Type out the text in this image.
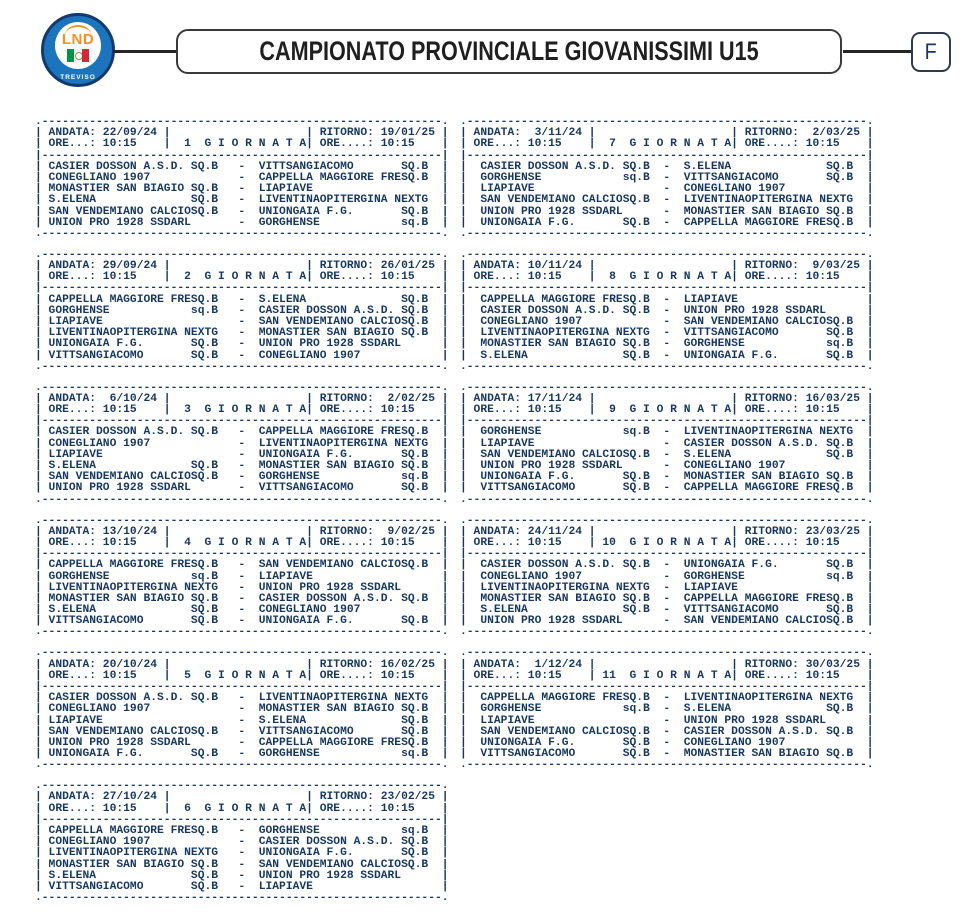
LND
TREVISO
CAMPIONATO PROVINCIALE GIOVANISSIMI U15	F
.-----------------------------------------------------------.
| ANDATA: 22/09/24 |                    | RITORNO: 19/01/25 |
| ORE...: 10:15    |  1  G I O R N A T A| ORE....: 10:15    |
|-----------------------------------------------------------|
| CASIER DOSSON A.S.D. SQ.B   -  VITTSANGIACOMO       SQ.B  |
| CONEGLIANO 1907             -  CAPPELLA MAGGIORE FRESQ.B  |
| MONASTIER SAN BIAGIO SQ.B   -  LIAPIAVE                   |
| S.ELENA              SQ.B   -  LIVENTINAOPITERGINA NEXTG  |
| SAN VENDEMIANO CALCIOSQ.B   -  UNIONGAIA F.G.       SQ.B  |
| UNION PRO 1928 SSDARL       -  GORGHENSE            sq.B  |
.-----------------------------------------------------------.
.-----------------------------------------------------------.
| ANDATA: 29/09/24 |                    | RITORNO: 26/01/25 |
| ORE...: 10:15    |  2  G I O R N A T A| ORE....: 10:15    |
|-----------------------------------------------------------|
| CAPPELLA MAGGIORE FRESQ.B   -  S.ELENA              SQ.B  |
| GORGHENSE            sq.B   -  CASIER DOSSON A.S.D. SQ.B  |
| LIAPIAVE                    -  SAN VENDEMIANO CALCIOSQ.B  |
| LIVENTINAOPITERGINA NEXTG   -  MONASTIER SAN BIAGIO SQ.B  |
| UNIONGAIA F.G.       SQ.B   -  UNION PRO 1928 SSDARL      |
| VITTSANGIACOMO       SQ.B   -  CONEGLIANO 1907            |
.-----------------------------------------------------------.
.-----------------------------------------------------------.
| ANDATA:  6/10/24 |                    | RITORNO:  2/02/25 |
| ORE...: 10:15    |  3  G I O R N A T A| ORE....: 10:15    |
|-----------------------------------------------------------|
| CASIER DOSSON A.S.D. SQ.B   -  CAPPELLA MAGGIORE FRESQ.B  |
| CONEGLIANO 1907             -  LIVENTINAOPITERGINA NEXTG  |
| LIAPIAVE                    -  UNIONGAIA F.G.       SQ.B  |
| S.ELENA              SQ.B   -  MONASTIER SAN BIAGIO SQ.B  |
| SAN VENDEMIANO CALCIOSQ.B   -  GORGHENSE            sq.B  |
| UNION PRO 1928 SSDARL       -  VITTSANGIACOMO       SQ.B  |
.-----------------------------------------------------------.
.-----------------------------------------------------------.
| ANDATA: 13/10/24 |                    | RITORNO:  9/02/25 |
| ORE...: 10:15    |  4  G I O R N A T A| ORE....: 10:15    |
|-----------------------------------------------------------|
| CAPPELLA MAGGIORE FRESQ.B   -  SAN VENDEMIANO CALCIOSQ.B  |
| GORGHENSE            sq.B   -  LIAPIAVE                   |
| LIVENTINAOPITERGINA NEXTG   -  UNION PRO 1928 SSDARL      |
| MONASTIER SAN BIAGIO SQ.B   -  CASIER DOSSON A.S.D. SQ.B  |
| S.ELENA              SQ.B   -  CONEGLIANO 1907            |
| VITTSANGIACOMO       SQ.B   -  UNIONGAIA F.G.       SQ.B  |
.-----------------------------------------------------------.
.-----------------------------------------------------------.
| ANDATA: 20/10/24 |                    | RITORNO: 16/02/25 |
| ORE...: 10:15    |  5  G I O R N A T A| ORE....: 10:15    |
|-----------------------------------------------------------|
| CASIER DOSSON A.S.D. SQ.B   -  LIVENTINAOPITERGINA NEXTG  |
| CONEGLIANO 1907             -  MONASTIER SAN BIAGIO SQ.B  |
| LIAPIAVE                    -  S.ELENA              SQ.B  |
| SAN VENDEMIANO CALCIOSQ.B   -  VITTSANGIACOMO       SQ.B  |
| UNION PRO 1928 SSDARL       -  CAPPELLA MAGGIORE FRESQ.B  |
| UNIONGAIA F.G.       SQ.B   -  GORGHENSE            sq.B  |
.-----------------------------------------------------------.
.-----------------------------------------------------------.
| ANDATA: 27/10/24 |                    | RITORNO: 23/02/25 |
| ORE...: 10:15    |  6  G I O R N A T A| ORE....: 10:15    |
|-----------------------------------------------------------|
| CAPPELLA MAGGIORE FRESQ.B   -  GORGHENSE            sq.B  |
| CONEGLIANO 1907             -  CASIER DOSSON A.S.D. SQ.B  |
| LIVENTINAOPITERGINA NEXTG   -  UNIONGAIA F.G.       SQ.B  |
| MONASTIER SAN BIAGIO SQ.B   -  SAN VENDEMIANO CALCIOSQ.B  |
| S.ELENA              SQ.B   -  UNION PRO 1928 SSDARL      |
| VITTSANGIACOMO       SQ.B   -  LIAPIAVE                   |
.-----------------------------------------------------------.
.-----------------------------------------------------------.
| ANDATA:  3/11/24 |                    | RITORNO:  2/03/25 |
| ORE...: 10:15    |  7  G I O R N A T A| ORE....: 10:15    |
|-----------------------------------------------------------|
|  CASIER DOSSON A.S.D. SQ.B  -  S.ELENA              SQ.B  |
|  GORGHENSE            sq.B  -  VITTSANGIACOMO       SQ.B  |
|  LIAPIAVE                   -  CONEGLIANO 1907            |
|  SAN VENDEMIANO CALCIOSQ.B  -  LIVENTINAOPITERGINA NEXTG  |
|  UNION PRO 1928 SSDARL      -  MONASTIER SAN BIAGIO SQ.B  |
|  UNIONGAIA F.G.       SQ.B  -  CAPPELLA MAGGIORE FRESQ.B  |
.-----------------------------------------------------------.
.-----------------------------------------------------------.
| ANDATA: 10/11/24 |                    | RITORNO:  9/03/25 |
| ORE...: 10:15    |  8  G I O R N A T A| ORE....: 10:15    |
|-----------------------------------------------------------|
|  CAPPELLA MAGGIORE FRESQ.B  -  LIAPIAVE                   |
|  CASIER DOSSON A.S.D. SQ.B  -  UNION PRO 1928 SSDARL      |
|  CONEGLIANO 1907            -  SAN VENDEMIANO CALCIOSQ.B  |
|  LIVENTINAOPITERGINA NEXTG  -  VITTSANGIACOMO       SQ.B  |
|  MONASTIER SAN BIAGIO SQ.B  -  GORGHENSE            sq.B  |
|  S.ELENA              SQ.B  -  UNIONGAIA F.G.       SQ.B  |
.-----------------------------------------------------------.
.-----------------------------------------------------------.
| ANDATA: 17/11/24 |                    | RITORNO: 16/03/25 |
| ORE...: 10:15    |  9  G I O R N A T A| ORE....: 10:15    |
|-----------------------------------------------------------|
|  GORGHENSE            sq.B  -  LIVENTINAOPITERGINA NEXTG  |
|  LIAPIAVE                   -  CASIER DOSSON A.S.D. SQ.B  |
|  SAN VENDEMIANO CALCIOSQ.B  -  S.ELENA              SQ.B  |
|  UNION PRO 1928 SSDARL      -  CONEGLIANO 1907            |
|  UNIONGAIA F.G.       SQ.B  -  MONASTIER SAN BIAGIO SQ.B  |
|  VITTSANGIACOMO       SQ.B  -  CAPPELLA MAGGIORE FRESQ.B  |
.-----------------------------------------------------------.
.-----------------------------------------------------------.
| ANDATA: 24/11/24 |                    | RITORNO: 23/03/25 |
| ORE...: 10:15    | 10  G I O R N A T A| ORE....: 10:15    |
|-----------------------------------------------------------|
|  CASIER DOSSON A.S.D. SQ.B  -  UNIONGAIA F.G.       SQ.B  |
|  CONEGLIANO 1907            -  GORGHENSE            sq.B  |
|  LIVENTINAOPITERGINA NEXTG  -  LIAPIAVE                   |
|  MONASTIER SAN BIAGIO SQ.B  -  CAPPELLA MAGGIORE FRESQ.B  |
|  S.ELENA              SQ.B  -  VITTSANGIACOMO       SQ.B  |
|  UNION PRO 1928 SSDARL      -  SAN VENDEMIANO CALCIOSQ.B  |
.-----------------------------------------------------------.
.-----------------------------------------------------------.
| ANDATA:  1/12/24 |                    | RITORNO: 30/03/25 |
| ORE...: 10:15    | 11  G I O R N A T A| ORE....: 10:15    |
|-----------------------------------------------------------|
|  CAPPELLA MAGGIORE FRESQ.B  -  LIVENTINAOPITERGINA NEXTG  |
|  GORGHENSE            sq.B  -  S.ELENA              SQ.B  |
|  LIAPIAVE                   -  UNION PRO 1928 SSDARL      |
|  SAN VENDEMIANO CALCIOSQ.B  -  CASIER DOSSON A.S.D. SQ.B  |
|  UNIONGAIA F.G.       SQ.B  -  CONEGLIANO 1907            |
|  VITTSANGIACOMO       SQ.B  -  MONASTIER SAN BIAGIO SQ.B  |
.-----------------------------------------------------------.
